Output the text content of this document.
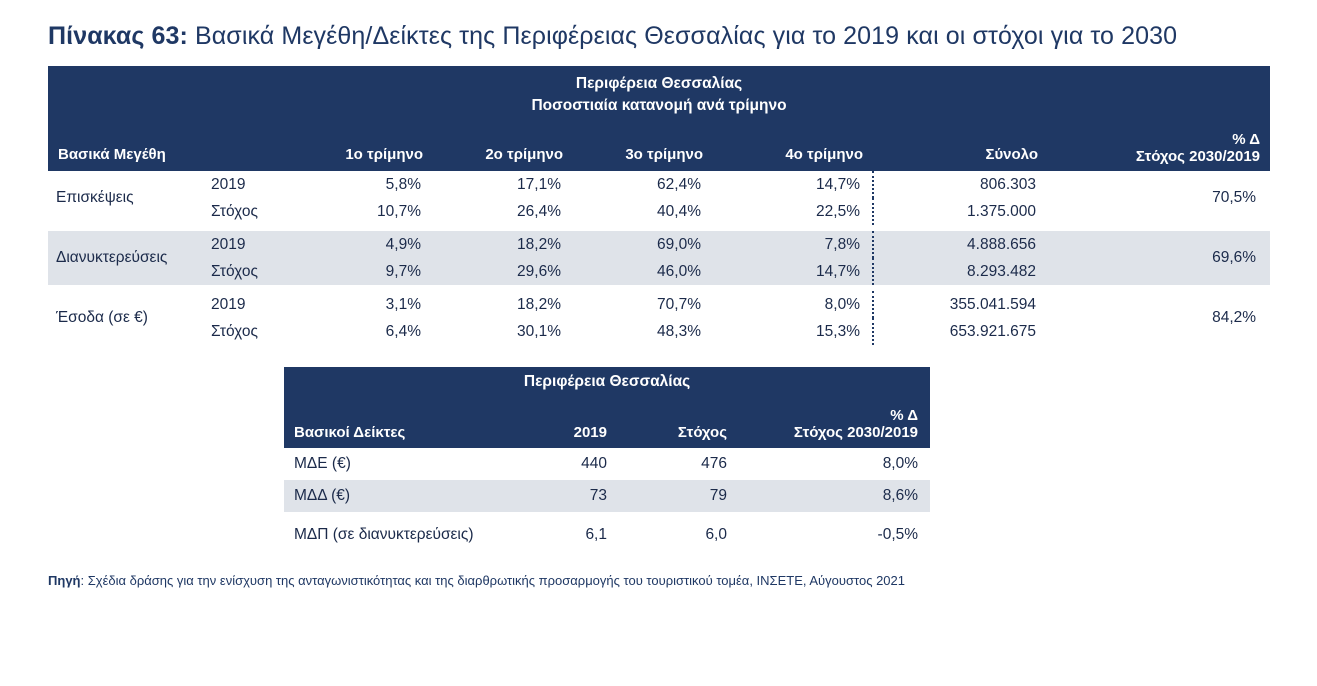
Πίνακας 63: Βασικά Μεγέθη/Δείκτες της Περιφέρειας Θεσσαλίας για το 2019 και οι στόχοι για το 2030

Περιφέρεια Θεσσαλίας							
Ποσοστιαία κατανομή ανά τρίμηνο							
Βασικά Μεγέθη		1ο τρίμηνο	2ο τρίμηνο	3ο τρίμηνο	4ο τρίμηνο	Σύνολο	% Δ
Στόχος 2030/2019
Επισκέψεις	2019	5,8%	17,1%	62,4%	14,7%	806.303	70,5%
	Στόχος	10,7%	26,4%	40,4%	22,5%	1.375.000	

Διανυκτερεύσεις	2019	4,9%	18,2%	69,0%	7,8%	4.888.656	69,6%
	Στόχος	9,7%	29,6%	46,0%	14,7%	8.293.482	

Έσοδα (σε €)	2019	3,1%	18,2%	70,7%	8,0%	355.041.594	84,2%
	Στόχος	6,4%	30,1%	48,3%	15,3%	653.921.675	
Περιφέρεια Θεσσαλίας			
Βασικοί Δείκτες	2019	Στόχος	% Δ
Στόχος 2030/2019
ΜΔΕ (€)	440	476	8,0%
ΜΔΔ (€)	73	79	8,6%
ΜΔΠ (σε διανυκτερεύσεις)	6,1	6,0	-0,5%

Πηγή: Σχέδια δράσης για την ενίσχυση της ανταγωνιστικότητας και της διαρθρωτικής προσαρμογής του τουριστικού τομέα, ΙΝΣΕΤΕ, Αύγουστος 2021
